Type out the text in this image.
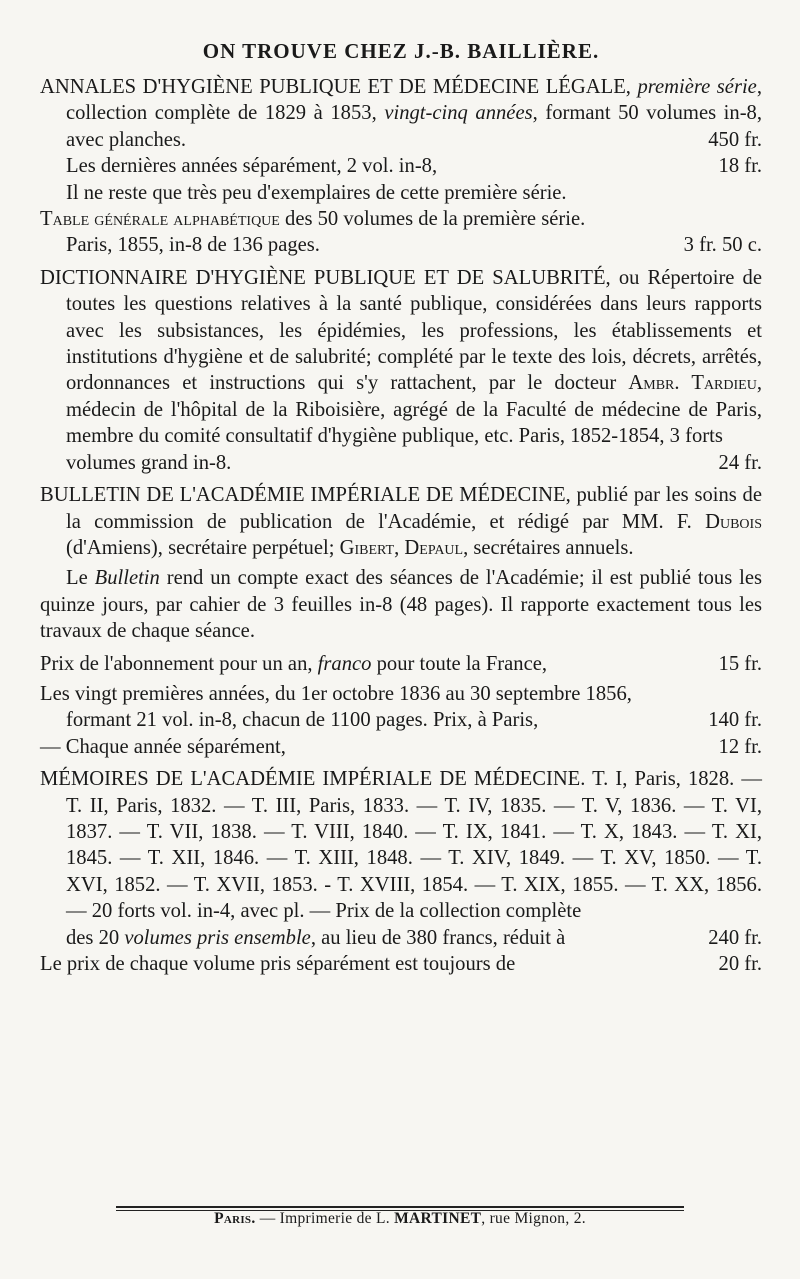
ON TROUVE CHEZ J.-B. BAILLIÈRE.
ANNALES D'HYGIÈNE PUBLIQUE ET DE MÉDECINE LÉGALE, première série, collection complète de 1829 à 1853, vingt-cinq années, formant 50 volumes in-8, avec planches.	450 fr.
Les dernières années séparément, 2 vol. in-8,	18 fr.
Il ne reste que très peu d'exemplaires de cette première série.
Table générale alphabétique
des 50 volumes de la première série.
Paris, 1855, in-8 de 136 pages.	3 fr. 50 c.
DICTIONNAIRE D'HYGIÈNE PUBLIQUE ET DE SALUBRITÉ, ou Répertoire de toutes les questions relatives à la santé publique, considérées dans leurs rapports avec les subsistances, les épidémies, les professions, les établissements et institutions d'hygiène et de salubrité; complété par le texte des lois, décrets, arrêtés, ordonnances et instructions qui s'y rattachent, par le docteur Ambr. Tardieu, médecin de l'hôpital de la Riboisière, agrégé de la Faculté de médecine de Paris, membre du comité consultatif d'hygiène publique, etc. Paris, 1852-1854, 3 forts
volumes grand in-8.	24 fr.
BULLETIN DE L'ACADÉMIE IMPÉRIALE DE MÉDECINE, publié par les soins de la commission de publication de l'Académie, et rédigé par MM. F. Dubois (d'Amiens), secrétaire perpétuel; Gibert, Depaul, secrétaires annuels.
Le Bulletin rend un compte exact des séances de l'Académie; il est publié tous les quinze jours, par cahier de 3 feuilles in-8 (48 pages). Il rapporte exactement tous les travaux de chaque séance.
Prix de l'abonnement pour un an, franco pour toute la France,	15 fr.
Les vingt premières années, du 1er octobre 1836 au 30 septembre 1856,
formant 21 vol. in-8, chacun de 1100 pages. Prix, à Paris,	140 fr.
— Chaque année séparément,	12 fr.
MÉMOIRES DE L'ACADÉMIE IMPÉRIALE DE MÉDECINE. T. I, Paris, 1828. — T. II, Paris, 1832. — T. III, Paris, 1833. — T. IV, 1835. — T. V, 1836. — T. VI, 1837. — T. VII, 1838. — T. VIII, 1840. — T. IX, 1841. — T. X, 1843. — T. XI, 1845. — T. XII, 1846. — T. XIII, 1848. — T. XIV, 1849. — T. XV, 1850. — T. XVI, 1852. — T. XVII, 1853. - T. XVIII, 1854. — T. XIX, 1855. — T. XX, 1856. — 20 forts vol. in-4, avec pl. — Prix de la collection complète
des 20 volumes pris ensemble, au lieu de 380 francs, réduit à	240 fr.
Le prix de chaque volume pris séparément est toujours de	20 fr.
Paris. — Imprimerie de L. MARTINET, rue Mignon, 2.
